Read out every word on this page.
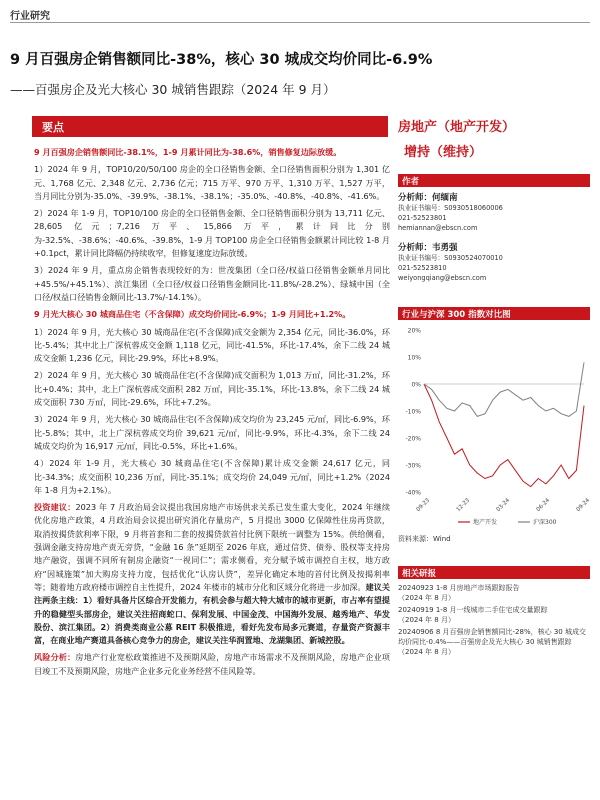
行业研究
9 月百强房企销售额同比-38%，核心 30 城成交均价同比-6.9%
——百强房企及光大核心 30 城销售跟踪（2024 年 9 月）
要点

9 月百强房企销售额同比-38.1%，1-9 月累计同比为-38.6%，销售修复边际放缓。

1）2024 年 9 月，TOP10/20/50/100 房企的全口径销售金额、全口径销售面积分别为 1,301 亿元、1,768 亿元、2,348 亿元、2,736 亿元；715 万平、970 万平、1,310 万平、1,527 万平，当月同比分别为-35.0%、-39.9%、-38.1%、-38.1%；-35.0%、-40.8%、-40.8%、-41.6%。

2）2024 年 1-9 月，TOP10/100 房企的全口径销售金额、全口径销售面积分别为 13,711 亿元、28,605 亿元；7,216 万平、15,866 万平，累计同比分别为-32.5%、-38.6%；-40.6%、-39.8%，1-9 月 TOP100 房企全口径销售金额累计同比较 1-8 月+0.1pct，累计同比降幅仍持续收窄，但修复速度边际放缓。

3）2024 年 9 月，重点房企销售表现较好的为：世茂集团（全口径/权益口径销售金额单月同比+45.5%/+45.1%）、滨江集团（全口径/权益口径销售金额同比-11.8%/-28.2%）、绿城中国（全口径/权益口径销售金额同比-13.7%/-14.1%）。

9 月光大核心 30 城商品住宅（不含保障）成交均价同比-6.9%；1-9 月同比+1.2%。

1）2024 年 9 月，光大核心 30 城商品住宅(不含保障)成交金额为 2,354 亿元，同比-36.0%，环比-5.4%；其中北上广深杭蓉成交金额 1,118 亿元，同比-41.5%，环比-17.4%，余下二线 24 城成交金额 1,236 亿元，同比-29.9%，环比+8.9%。

2）2024 年 9 月，光大核心 30 城商品住宅(不含保障)成交面积为 1,013 万㎡，同比-31.2%，环比+0.4%；其中，北上广深杭蓉成交面积 282 万㎡，同比-35.1%，环比-13.8%，余下二线 24 城成交面积 730 万㎡，同比-29.6%，环比+7.2%。

3）2024 年 9 月，光大核心 30 城商品住宅(不含保障)成交均价为 23,245 元/㎡，同比-6.9%，环比-5.8%；其中，北上广深杭蓉成交均价 39,621 元/㎡，同比-9.9%，环比-4.3%，余下二线 24 城成交均价为 16,917 元/㎡，同比-0.5%，环比+1.6%。

4）2024 年 1-9 月，光大核心 30 城商品住宅(不含保障)累计成交金额 24,617 亿元，同比-34.3%；成交面积 10,236 万㎡，同比-35.1%；成交均价 24,049 元/㎡，同比+1.2%（2024 年 1-8 月为+2.1%）。

投资建议：2023 年 7 月政治局会议提出我国房地产市场供求关系已发生重大变化，2024 年继续优化房地产政策，4 月政治局会议提出研究消化存量房产，5 月提出 3000 亿保障性住房再贷款，取消按揭贷款利率下限，9 月将首套和二套的按揭贷款首付比例下限统一调整为 15%。供给侧看，强调金融支持房地产责无旁贷，“金融 16 条”延期至 2026 年底，通过信贷、债券、股权等支持房地产融资，强调不同所有制房企融资“一视同仁”；需求侧看，充分赋予城市调控自主权，地方政府“因城施策”加大购房支持力度，包括优化“认房认贷”，差异化确定本地的首付比例及按揭利率等；随着地方政府楼市调控自主性提升，2024 年楼市的城市分化和区域分化将进一步加深。建议关注两条主线：1）看好具备片区综合开发能力，有机会参与超大特大城市的城市更新，市占率有望提升的稳健型头部房企，建议关注招商蛇口、保利发展、中国金茂、中国海外发展、越秀地产、华发股份、滨江集团。2）消费类商业公募 REIT 积极推进，看好先发布局多元赛道，存量资产资源丰富，在商业地产赛道具备核心竞争力的房企，建议关注华润置地、龙湖集团、新城控股。

风险分析：房地产行业宽松政策推进不及预期风险，房地产市场需求不及预期风险，房地产企业项目竣工不及预期风险，房地产企业多元化业务经营不佳风险等。

房地产（地产开发）
增持（维持）
作者
分析师：何缅南
执业证书编号：S0930518060006
021-52523801
hemiannan@ebscn.com
分析师：韦勇强
执业证书编号：S0930524070010
021-52523810
weiyongqiang@ebscn.com
行业与沪深 300 指数对比图
20%
10%
0%
-10%
-20%
-30%
-40%
09-23	12-23	03-24	06-24	09-24
地产开发	沪深300
资料来源：Wind
相关研报
20240923 1-8 月房地产市场跟踪报告
（2024 年 8 月）
20240919 1-8 月一线城市二手住宅成交量跟踪
（2024 年 8 月）
20240906 8 月百强房企销售额同比-28%，核心 30 城成交均价同比-0.4%——百强房企及光大核心 30 城销售跟踪
（2024 年 8 月）
